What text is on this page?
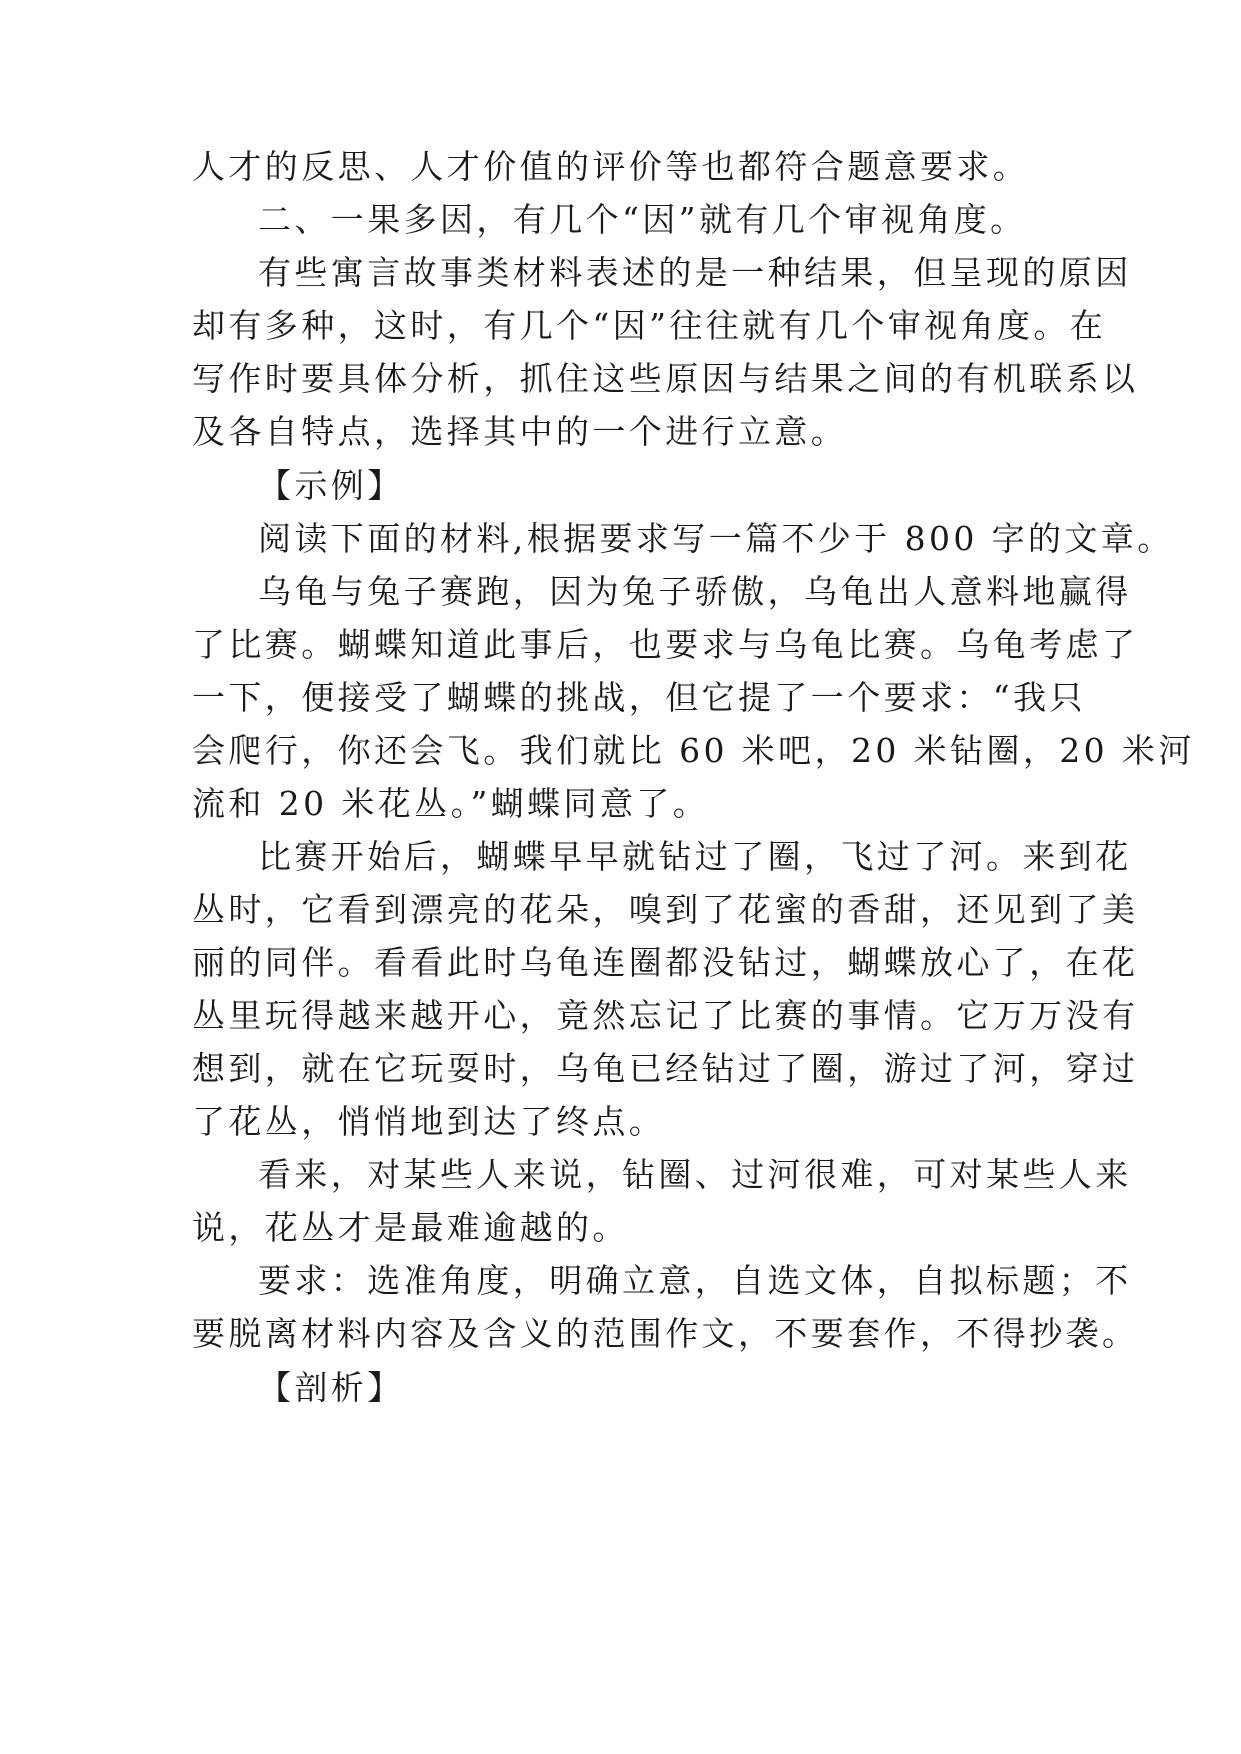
人才的反思、人才价值的评价等也都符合题意要求。

二、一果多因，有几个“因”就有几个审视角度。

有些寓言故事类材料表述的是一种结果，但呈现的原因

却有多种，这时，有几个“因”往往就有几个审视角度。在

写作时要具体分析，抓住这些原因与结果之间的有机联系以

及各自特点，选择其中的一个进行立意。

【示例】

阅读下面的材料,根据要求写一篇不少于 800 字的文章。

乌龟与兔子赛跑，因为兔子骄傲，乌龟出人意料地赢得

了比赛。蝴蝶知道此事后，也要求与乌龟比赛。乌龟考虑了

一下，便接受了蝴蝶的挑战，但它提了一个要求：“我只

会爬行，你还会飞。我们就比 60 米吧，20 米钻圈，20 米河

流和 20 米花丛。”蝴蝶同意了。

比赛开始后，蝴蝶早早就钻过了圈，飞过了河。来到花

丛时，它看到漂亮的花朵，嗅到了花蜜的香甜，还见到了美

丽的同伴。看看此时乌龟连圈都没钻过，蝴蝶放心了，在花

丛里玩得越来越开心，竟然忘记了比赛的事情。它万万没有

想到，就在它玩耍时，乌龟已经钻过了圈，游过了河，穿过

了花丛，悄悄地到达了终点。

看来，对某些人来说，钻圈、过河很难，可对某些人来

说，花丛才是最难逾越的。

要求：选准角度，明确立意，自选文体，自拟标题；不

要脱离材料内容及含义的范围作文，不要套作，不得抄袭。

【剖析】
